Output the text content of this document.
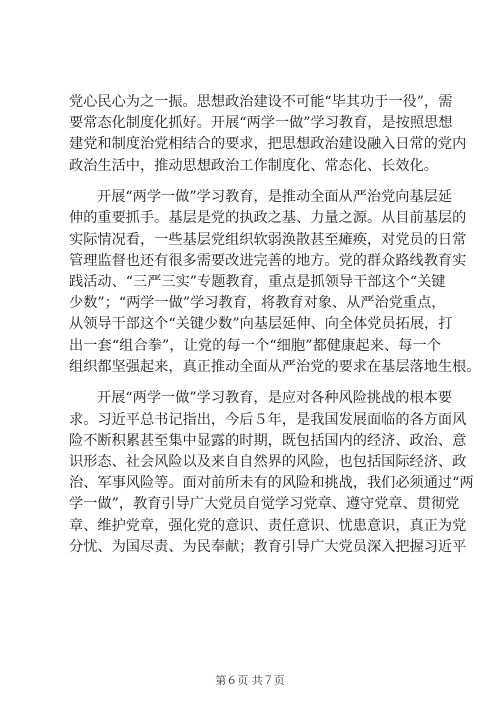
党心民心为之一振。思想政治建设不可能“毕其功于一役”，需
要常态化制度化抓好。开展“两学一做”学习教育，是按照思想
建党和制度治党相结合的要求，把思想政治建设融入日常的党内
政治生活中，推动思想政治工作制度化、常态化、长效化。
开展“两学一做”学习教育，是推动全面从严治党向基层延
伸的重要抓手。基层是党的执政之基、力量之源。从目前基层的
实际情况看，一些基层党组织软弱涣散甚至瘫痪，对党员的日常
管理监督也还有很多需要改进完善的地方。党的群众路线教育实
践活动、“三严三实”专题教育，重点是抓领导干部这个“关键
少数”；“两学一做”学习教育，将教育对象、从严治党重点，
从领导干部这个“关键少数”向基层延伸、向全体党员拓展，打
出一套“组合拳”，让党的每一个“细胞”都健康起来、每一个
组织都坚强起来，真正推动全面从严治党的要求在基层落地生根。
开展“两学一做”学习教育，是应对各种风险挑战的根本要
求。习近平总书记指出，今后５年，是我国发展面临的各方面风
险不断积累甚至集中显露的时期，既包括国内的经济、政治、意
识形态、社会风险以及来自自然界的风险，也包括国际经济、政
治、军事风险等。面对前所未有的风险和挑战，我们必须通过“两
学一做”，教育引导广大党员自觉学习党章、遵守党章、贯彻党
章、维护党章，强化党的意识、责任意识、忧患意识，真正为党
分忧、为国尽责、为民奉献；教育引导广大党员深入把握习近平
第６页 共７页
